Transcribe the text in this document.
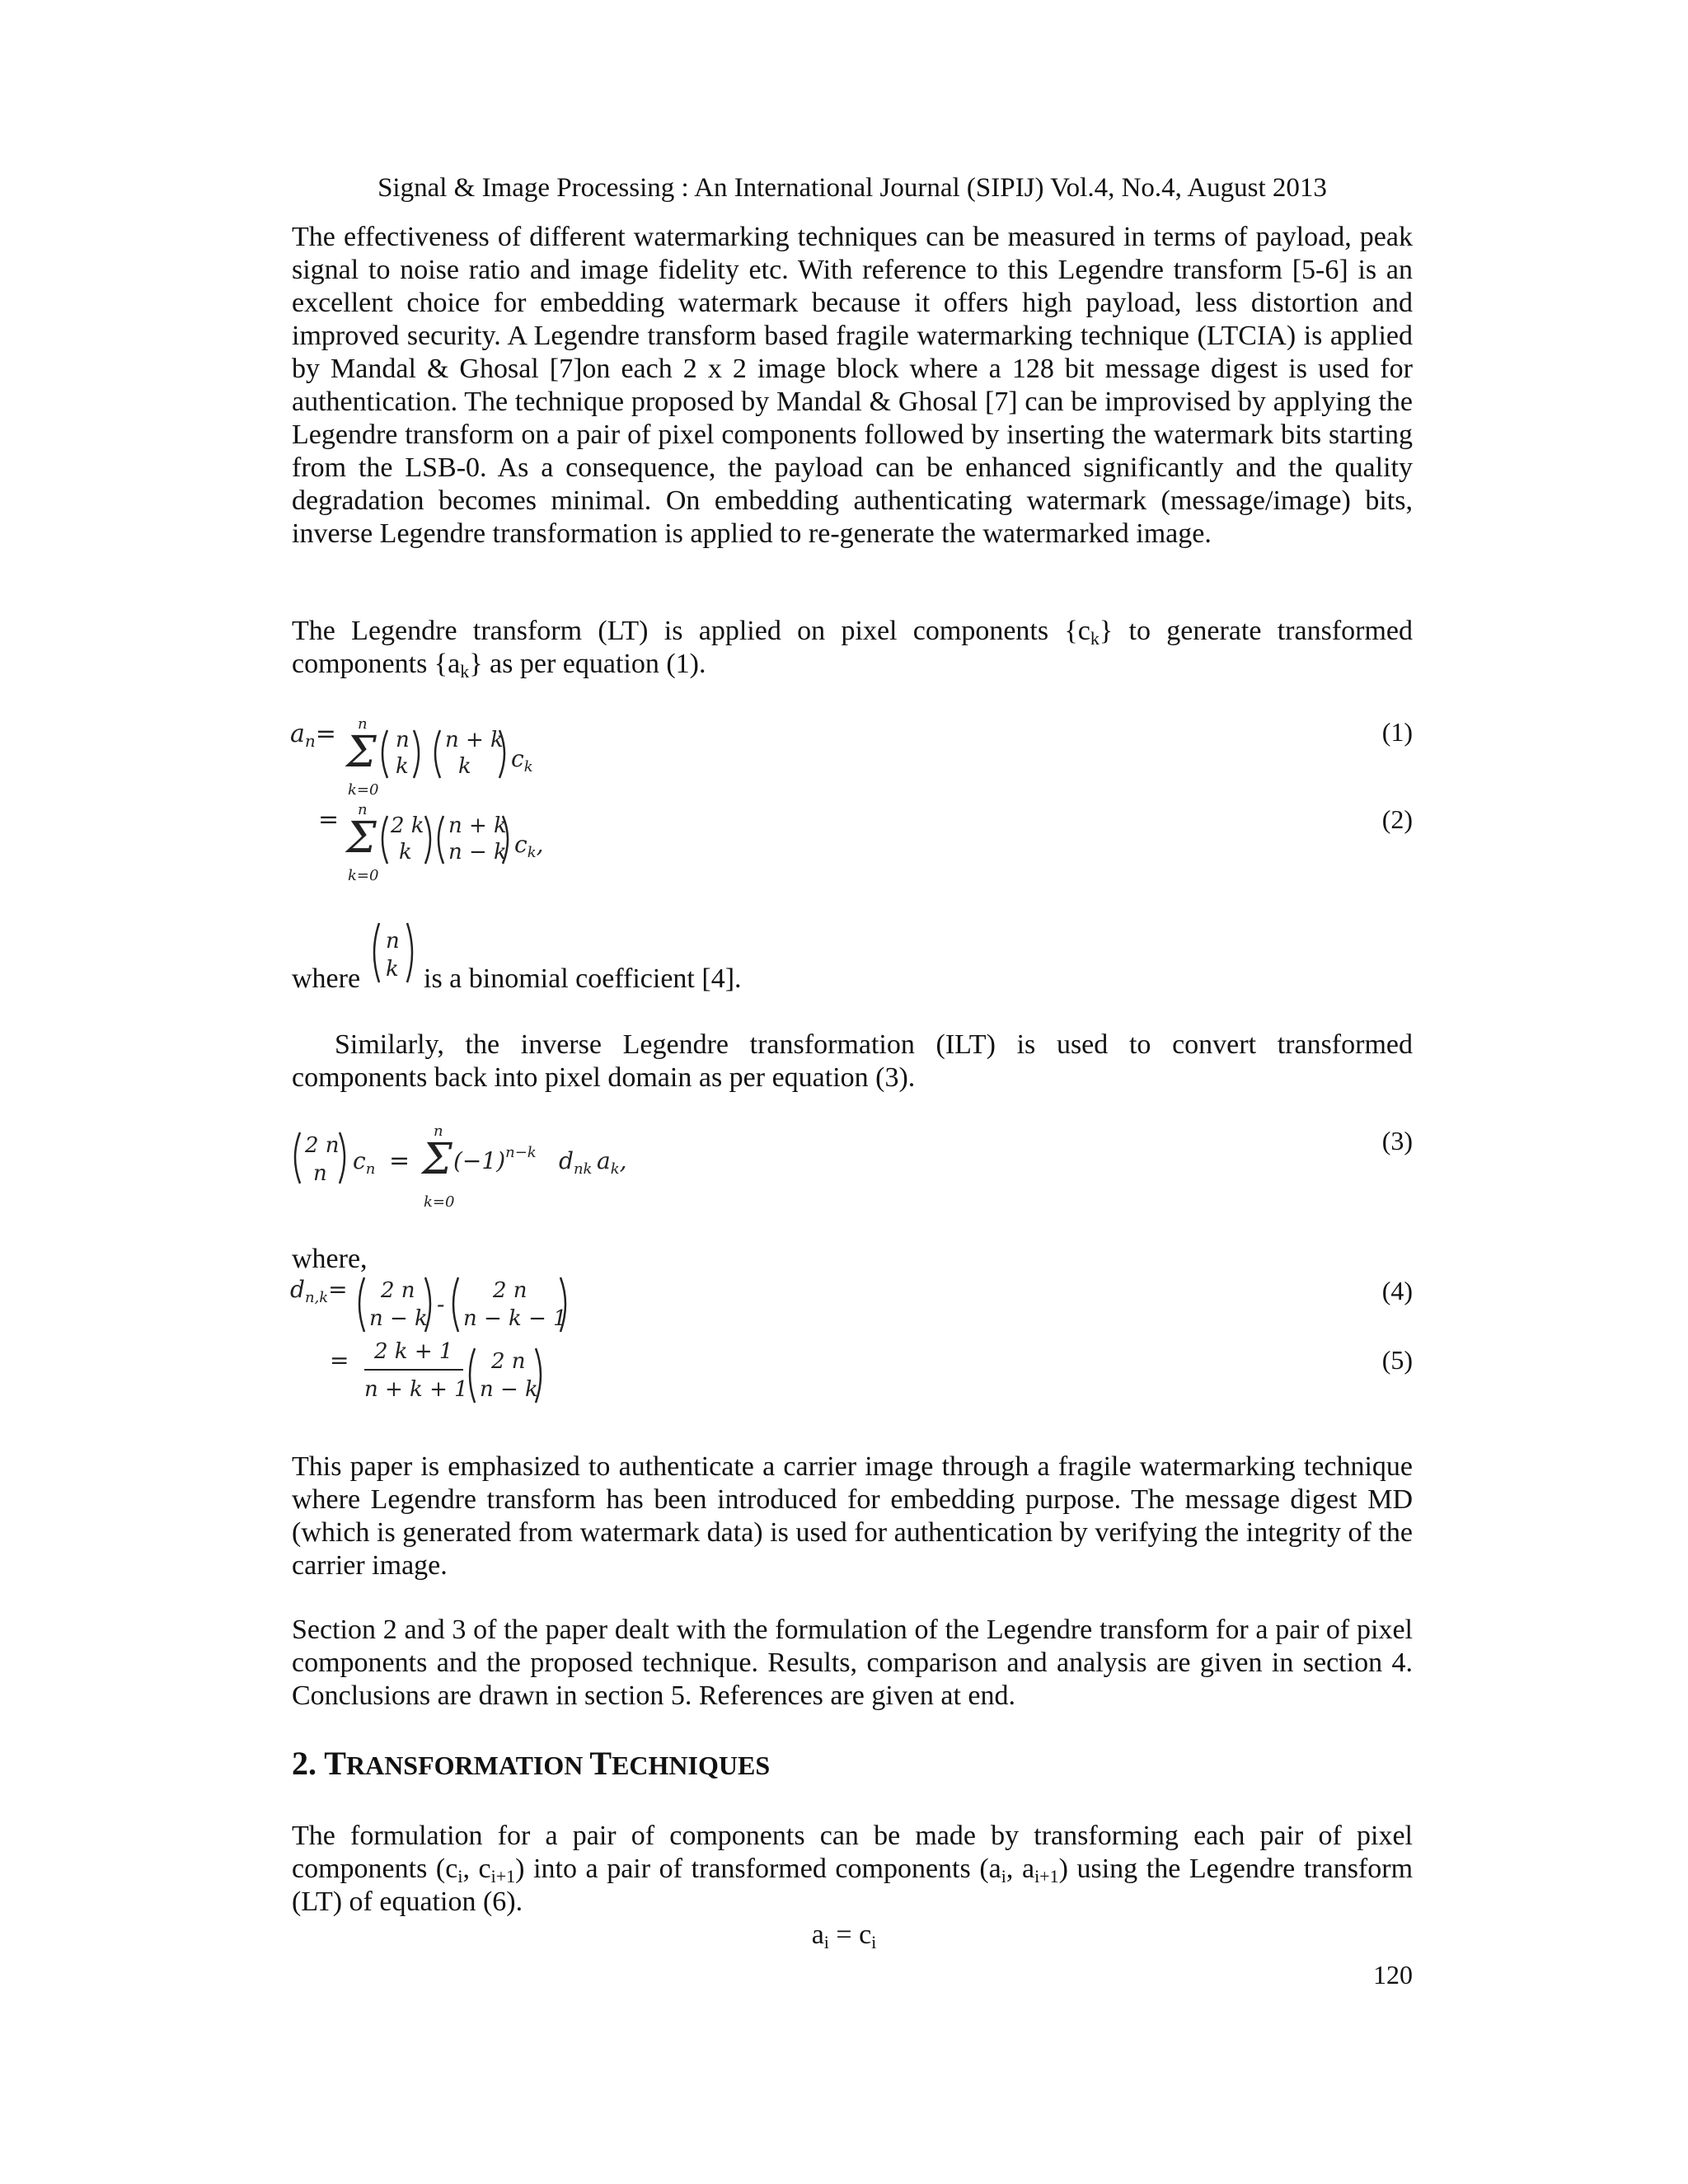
Signal & Image Processing : An International Journal (SIPIJ) Vol.4, No.4, August 2013

The effectiveness of different watermarking techniques can be measured in terms of payload, peak signal to noise ratio and image fidelity etc. With reference to this Legendre transform [5-6] is an excellent choice for embedding watermark because it offers high payload, less distortion and improved security. A Legendre transform based fragile watermarking technique (LTCIA) is applied by Mandal & Ghosal [7]on each 2 x 2 image block where a 128 bit message digest is used for authentication. The technique proposed by Mandal & Ghosal [7] can be improvised by applying the Legendre transform on a pair of pixel components followed by inserting the watermark bits starting from the LSB-0. As a consequence, the payload can be enhanced significantly and the quality degradation becomes minimal. On embedding authenticating watermark (message/image) bits, inverse Legendre transformation is applied to re-generate the watermarked image.

The Legendre transform (LT) is applied on pixel components $\{c_k\}$ to generate transformed components $\{a_k\}$ as per equation (1).

$a_n= n$
Σ
k=0
n
k
n + k
k $c_k$
= n
Σ
k=0
2 k
k
n + k
n − k $c_k$,
(1)
(2)
where
n
k is a binomial coefficient [4].

Similarly, the inverse Legendre transformation (ILT) is used to convert transformed components back into pixel domain as per equation (3).

2 n
n $c_n$ =
n
Σ
k=0
$(-1)^{n-k}$ $d_{nk}$ $a_k$,
(3)
where,
$d_{n,k}= 2$ n
n − k
- 2 n
n − k − 1
= 2 k + 1
n + k + 1
2 n
n − k
(4)
(5)

This paper is emphasized to authenticate a carrier image through a fragile watermarking technique where Legendre transform has been introduced for embedding purpose. The message digest MD (which is generated from watermark data) is used for authentication by verifying the integrity of the carrier image.

Section 2 and 3 of the paper dealt with the formulation of the Legendre transform for a pair of pixel components and the proposed technique. Results, comparison and analysis are given in section 4. Conclusions are drawn in section 5. References are given at end.

2. TRANSFORMATION TECHNIQUES

The formulation for a pair of components can be made by transforming each pair of pixel components ($c_i$, $c_{i+1}$) into a pair of transformed components ($a_i$, $a_{i+1}$) using the Legendre transform (LT) of equation (6).

$a_i = c_i$
120
